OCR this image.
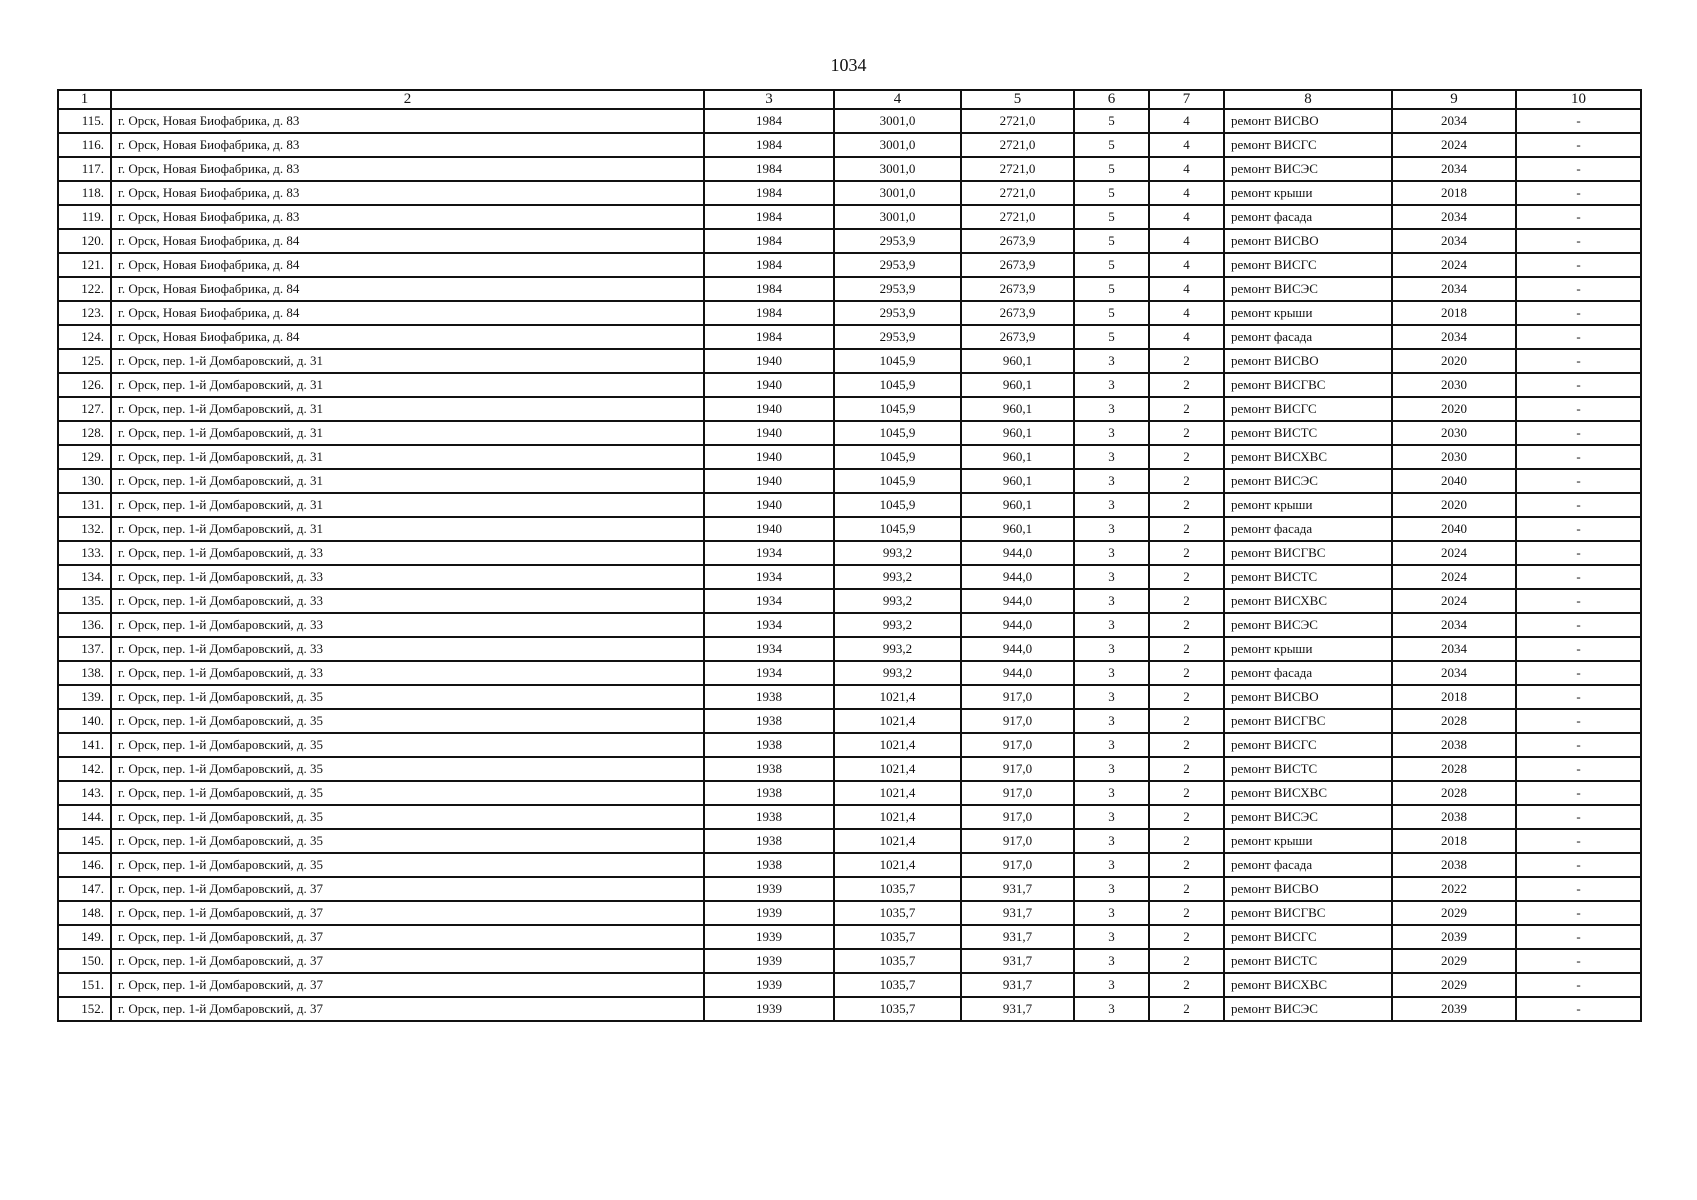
1034
1	2	3	4	5	6	7	8	9	10
115.	г. Орск, Новая Биофабрика, д. 83	1984	3001,0	2721,0	5	4	ремонт ВИСВО	2034	-
116.	г. Орск, Новая Биофабрика, д. 83	1984	3001,0	2721,0	5	4	ремонт ВИСГС	2024	-
117.	г. Орск, Новая Биофабрика, д. 83	1984	3001,0	2721,0	5	4	ремонт ВИСЭС	2034	-
118.	г. Орск, Новая Биофабрика, д. 83	1984	3001,0	2721,0	5	4	ремонт крыши	2018	-
119.	г. Орск, Новая Биофабрика, д. 83	1984	3001,0	2721,0	5	4	ремонт фасада	2034	-
120.	г. Орск, Новая Биофабрика, д. 84	1984	2953,9	2673,9	5	4	ремонт ВИСВО	2034	-
121.	г. Орск, Новая Биофабрика, д. 84	1984	2953,9	2673,9	5	4	ремонт ВИСГС	2024	-
122.	г. Орск, Новая Биофабрика, д. 84	1984	2953,9	2673,9	5	4	ремонт ВИСЭС	2034	-
123.	г. Орск, Новая Биофабрика, д. 84	1984	2953,9	2673,9	5	4	ремонт крыши	2018	-
124.	г. Орск, Новая Биофабрика, д. 84	1984	2953,9	2673,9	5	4	ремонт фасада	2034	-
125.	г. Орск, пер. 1-й Домбаровский, д. 31	1940	1045,9	960,1	3	2	ремонт ВИСВО	2020	-
126.	г. Орск, пер. 1-й Домбаровский, д. 31	1940	1045,9	960,1	3	2	ремонт ВИСГВС	2030	-
127.	г. Орск, пер. 1-й Домбаровский, д. 31	1940	1045,9	960,1	3	2	ремонт ВИСГС	2020	-
128.	г. Орск, пер. 1-й Домбаровский, д. 31	1940	1045,9	960,1	3	2	ремонт ВИСТС	2030	-
129.	г. Орск, пер. 1-й Домбаровский, д. 31	1940	1045,9	960,1	3	2	ремонт ВИСХВС	2030	-
130.	г. Орск, пер. 1-й Домбаровский, д. 31	1940	1045,9	960,1	3	2	ремонт ВИСЭС	2040	-
131.	г. Орск, пер. 1-й Домбаровский, д. 31	1940	1045,9	960,1	3	2	ремонт крыши	2020	-
132.	г. Орск, пер. 1-й Домбаровский, д. 31	1940	1045,9	960,1	3	2	ремонт фасада	2040	-
133.	г. Орск, пер. 1-й Домбаровский, д. 33	1934	993,2	944,0	3	2	ремонт ВИСГВС	2024	-
134.	г. Орск, пер. 1-й Домбаровский, д. 33	1934	993,2	944,0	3	2	ремонт ВИСТС	2024	-
135.	г. Орск, пер. 1-й Домбаровский, д. 33	1934	993,2	944,0	3	2	ремонт ВИСХВС	2024	-
136.	г. Орск, пер. 1-й Домбаровский, д. 33	1934	993,2	944,0	3	2	ремонт ВИСЭС	2034	-
137.	г. Орск, пер. 1-й Домбаровский, д. 33	1934	993,2	944,0	3	2	ремонт крыши	2034	-
138.	г. Орск, пер. 1-й Домбаровский, д. 33	1934	993,2	944,0	3	2	ремонт фасада	2034	-
139.	г. Орск, пер. 1-й Домбаровский, д. 35	1938	1021,4	917,0	3	2	ремонт ВИСВО	2018	-
140.	г. Орск, пер. 1-й Домбаровский, д. 35	1938	1021,4	917,0	3	2	ремонт ВИСГВС	2028	-
141.	г. Орск, пер. 1-й Домбаровский, д. 35	1938	1021,4	917,0	3	2	ремонт ВИСГС	2038	-
142.	г. Орск, пер. 1-й Домбаровский, д. 35	1938	1021,4	917,0	3	2	ремонт ВИСТС	2028	-
143.	г. Орск, пер. 1-й Домбаровский, д. 35	1938	1021,4	917,0	3	2	ремонт ВИСХВС	2028	-
144.	г. Орск, пер. 1-й Домбаровский, д. 35	1938	1021,4	917,0	3	2	ремонт ВИСЭС	2038	-
145.	г. Орск, пер. 1-й Домбаровский, д. 35	1938	1021,4	917,0	3	2	ремонт крыши	2018	-
146.	г. Орск, пер. 1-й Домбаровский, д. 35	1938	1021,4	917,0	3	2	ремонт фасада	2038	-
147.	г. Орск, пер. 1-й Домбаровский, д. 37	1939	1035,7	931,7	3	2	ремонт ВИСВО	2022	-
148.	г. Орск, пер. 1-й Домбаровский, д. 37	1939	1035,7	931,7	3	2	ремонт ВИСГВС	2029	-
149.	г. Орск, пер. 1-й Домбаровский, д. 37	1939	1035,7	931,7	3	2	ремонт ВИСГС	2039	-
150.	г. Орск, пер. 1-й Домбаровский, д. 37	1939	1035,7	931,7	3	2	ремонт ВИСТС	2029	-
151.	г. Орск, пер. 1-й Домбаровский, д. 37	1939	1035,7	931,7	3	2	ремонт ВИСХВС	2029	-
152.	г. Орск, пер. 1-й Домбаровский, д. 37	1939	1035,7	931,7	3	2	ремонт ВИСЭС	2039	-
